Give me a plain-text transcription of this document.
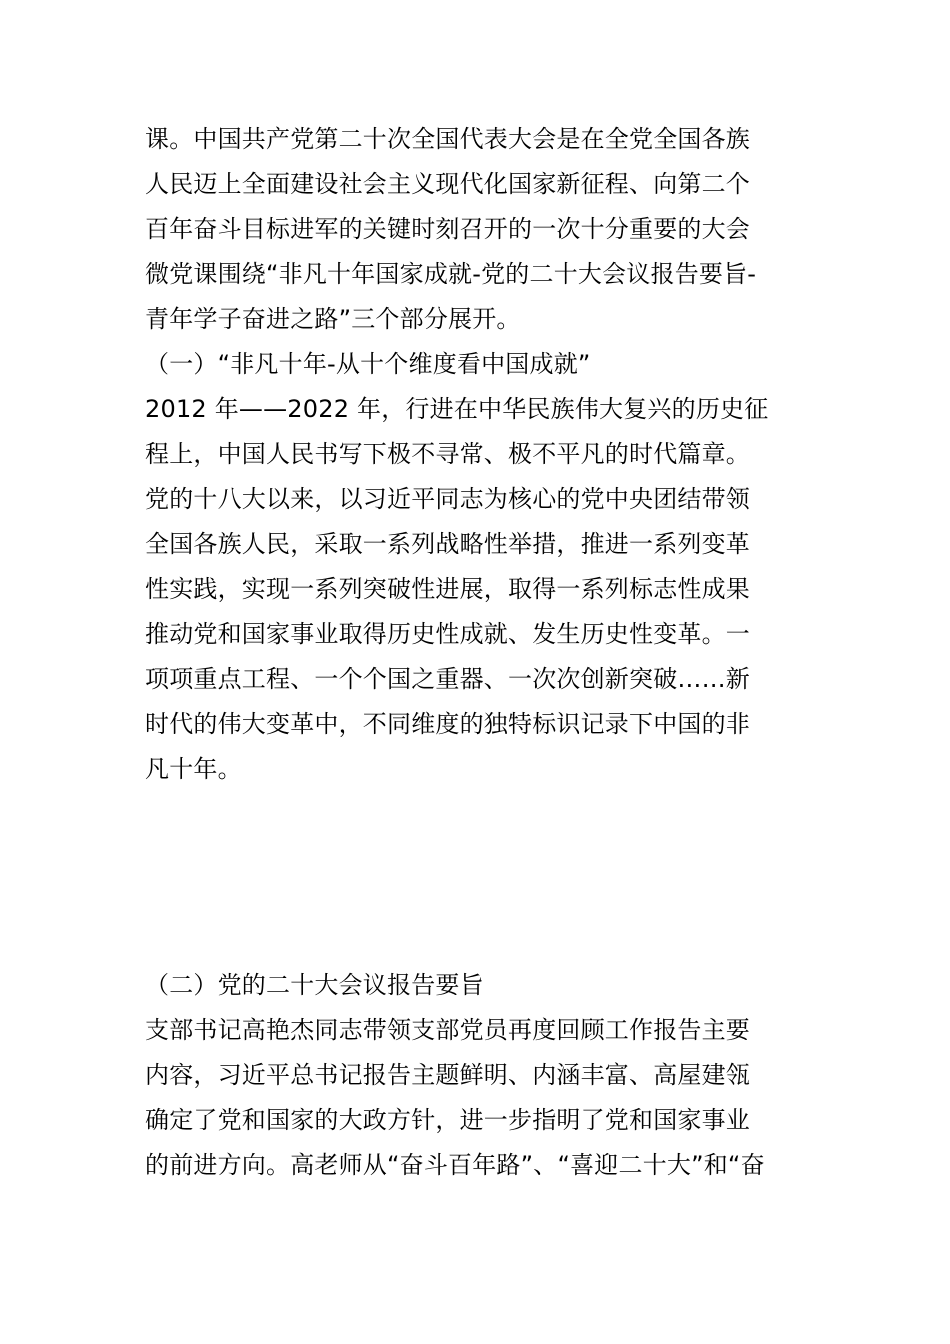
课。中国共产党第二十次全国代表大会是在全党全国各族
人民迈上全面建设社会主义现代化国家新征程、向第二个
百年奋斗目标进军的关键时刻召开的一次十分重要的大会
微党课围绕“非凡十年国家成就-党的二十大会议报告要旨-
青年学子奋进之路”三个部分展开。
（一）“非凡十年-从十个维度看中国成就”
2012 年——2022 年，行进在中华民族伟大复兴的历史征
程上，中国人民书写下极不寻常、极不平凡的时代篇章。
党的十八大以来，以习近平同志为核心的党中央团结带领
全国各族人民，采取一系列战略性举措，推进一系列变革
性实践，实现一系列突破性进展，取得一系列标志性成果
推动党和国家事业取得历史性成就、发生历史性变革。一
项项重点工程、一个个国之重器、一次次创新突破……新
时代的伟大变革中，不同维度的独特标识记录下中国的非
凡十年。
（二）党的二十大会议报告要旨
支部书记高艳杰同志带领支部党员再度回顾工作报告主要
内容，习近平总书记报告主题鲜明、内涵丰富、高屋建瓴
确定了党和国家的大政方针，进一步指明了党和国家事业
的前进方向。高老师从“奋斗百年路”、“喜迎二十大”和“奋
